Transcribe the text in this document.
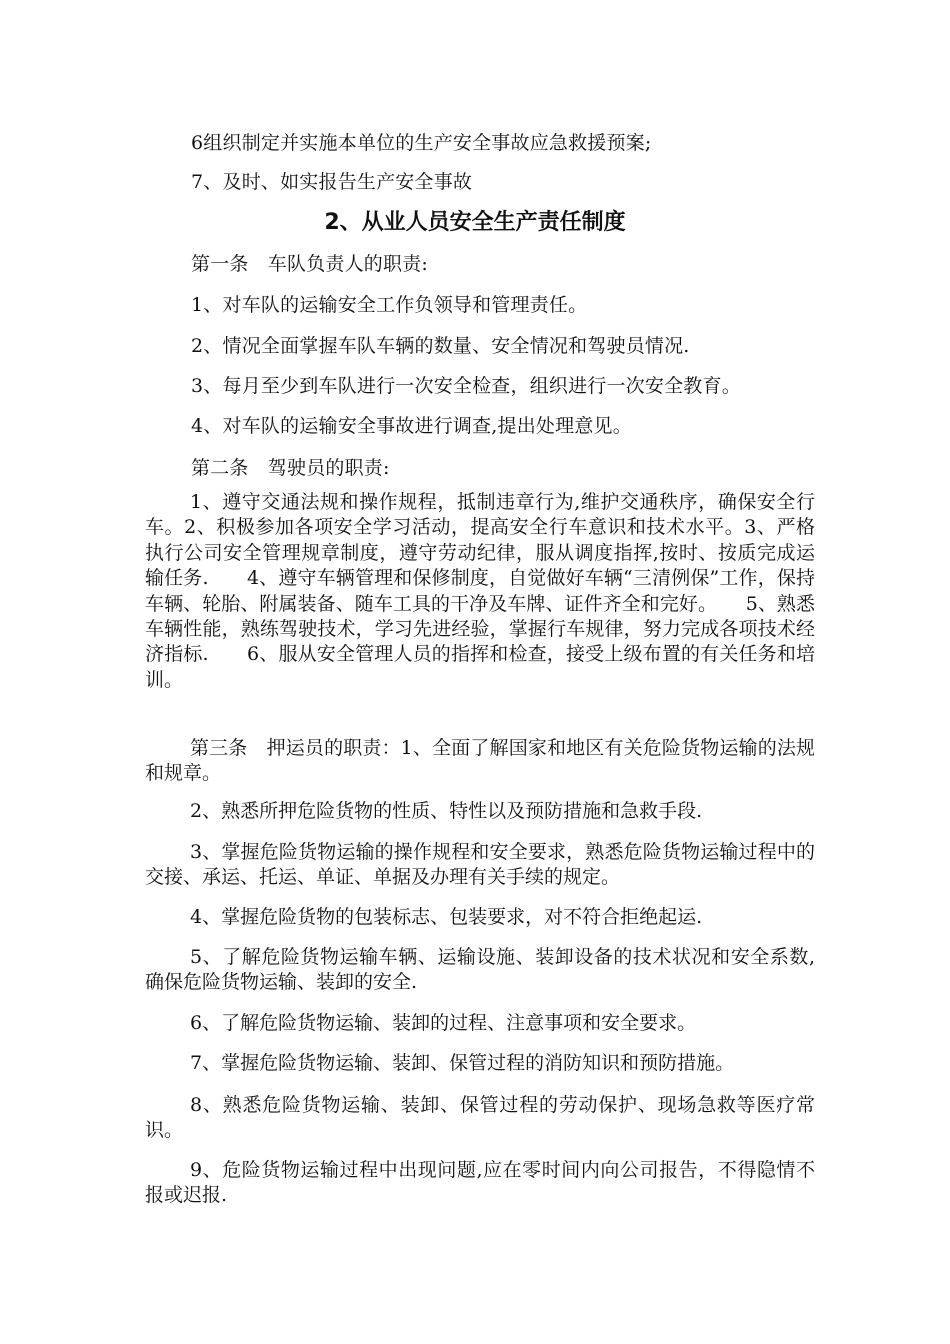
6组织制定并实施本单位的生产安全事故应急救援预案;
7、及时、如实报告生产安全事故
2、从业人员安全生产责任制度
第一条　车队负责人的职责:
1、对车队的运输安全工作负领导和管理责任。
2、情况全面掌握车队车辆的数量、安全情况和驾驶员情况.
3、每月至少到车队进行一次安全检查，组织进行一次安全教育。
4、对车队的运输安全事故进行调查,提出处理意见。
第二条　驾驶员的职责:
1、遵守交通法规和操作规程，抵制违章行为,维护交通秩序，确保安全行车。2、积极参加各项安全学习活动，提高安全行车意识和技术水平。3、严格执行公司安全管理规章制度，遵守劳动纪律，服从调度指挥,按时、按质完成运输任务.　　4、遵守车辆管理和保修制度，自觉做好车辆“三清例保”工作，保持车辆、轮胎、附属装备、随车工具的干净及车牌、证件齐全和完好。　　5、熟悉车辆性能，熟练驾驶技术，学习先进经验，掌握行车规律，努力完成各项技术经济指标.　　6、服从安全管理人员的指挥和检查，接受上级布置的有关任务和培训。
第三条　押运员的职责：1、全面了解国家和地区有关危险货物运输的法规和规章。
2、熟悉所押危险货物的性质、特性以及预防措施和急救手段.
3、掌握危险货物运输的操作规程和安全要求，熟悉危险货物运输过程中的交接、承运、托运、单证、单据及办理有关手续的规定。
4、掌握危险货物的包装标志、包装要求，对不符合拒绝起运.
5、了解危险货物运输车辆、运输设施、装卸设备的技术状况和安全系数,确保危险货物运输、装卸的安全.
6、了解危险货物运输、装卸的过程、注意事项和安全要求。
7、掌握危险货物运输、装卸、保管过程的消防知识和预防措施。
8、熟悉危险货物运输、装卸、保管过程的劳动保护、现场急救等医疗常识。
9、危险货物运输过程中出现问题,应在零时间内向公司报告，不得隐情不报或迟报.
